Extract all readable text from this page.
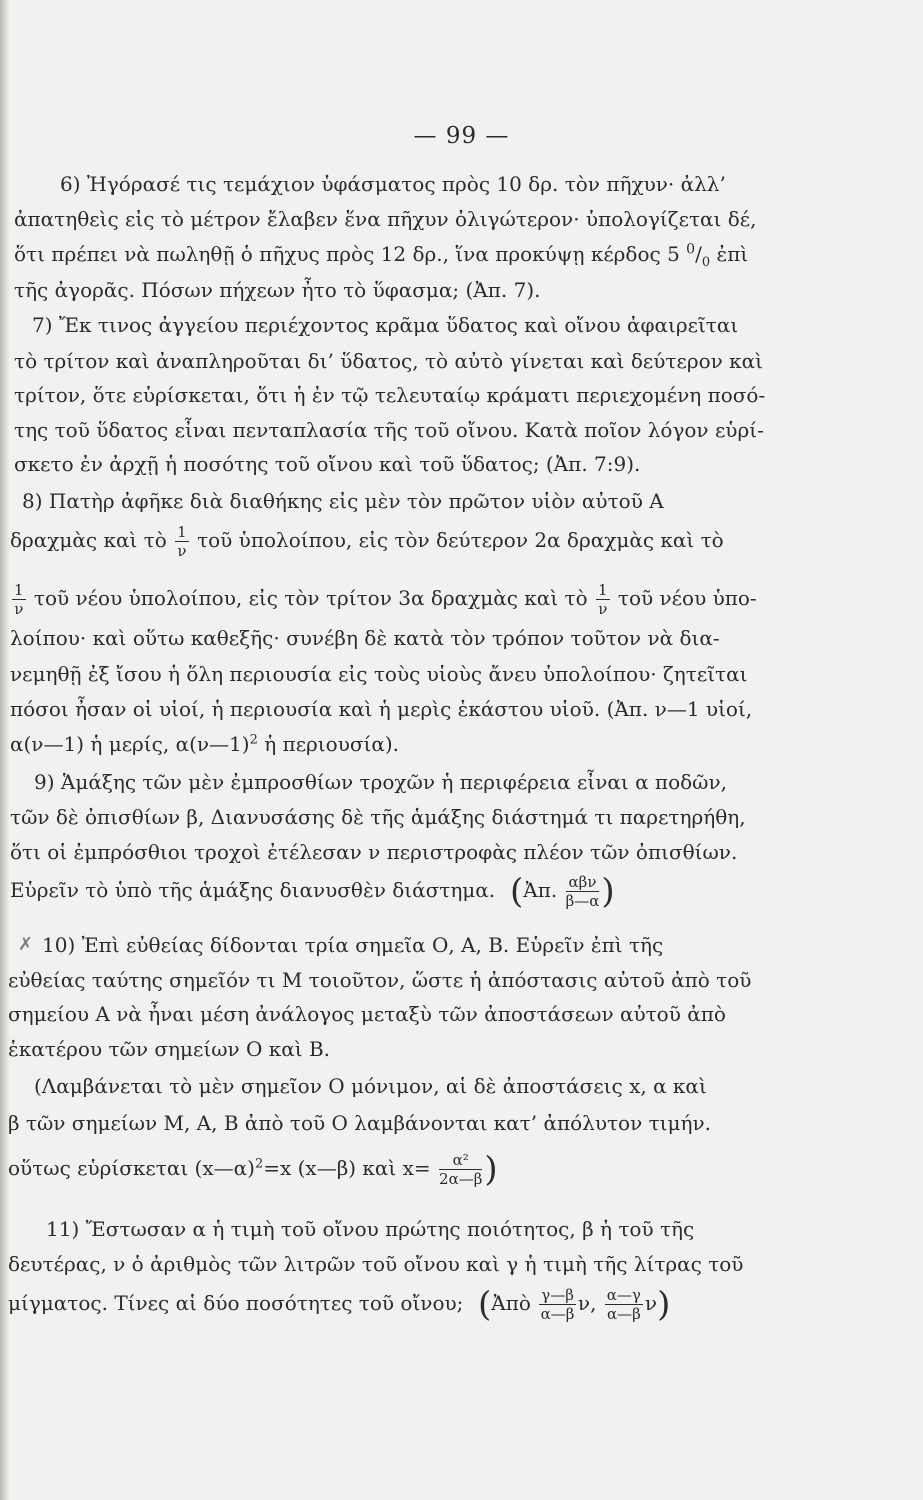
— 99 —
6) Ἠγόρασέ τις τεμάχιον ὑφάσματος πρὸς 10 δρ. τὸν πῆχυν· ἀλλ’
ἀπατηθεὶς εἰς τὸ μέτρον ἔλαβεν ἕνα πῆχυν ὀλιγώτερον· ὑπολογίζεται δέ,
ὅτι πρέπει νὰ πωληθῇ ὁ πῆχυς πρὸς 12 δρ., ἵνα προκύψῃ κέρδος 5 $^0/_0$ ἐπὶ
τῆς ἀγορᾶς. Πόσων πήχεων ἦτο τὸ ὕφασμα; (Ἀπ. 7).
7) Ἔκ τινος ἀγγείου περιέχοντος κρᾶμα ὕδατος καὶ οἴνου ἀφαιρεῖται
τὸ τρίτον καὶ ἀναπληροῦται δι’ ὕδατος, τὸ αὐτὸ γίνεται καὶ δεύτερον καὶ
τρίτον, ὅτε εὑρίσκεται, ὅτι ἡ ἐν τῷ τελευταίῳ κράματι περιεχομένη ποσό-
της τοῦ ὕδατος εἶναι πενταπλασία τῆς τοῦ οἴνου. Κατὰ ποῖον λόγον εὑρί-
σκετο ἐν ἀρχῇ ἡ ποσότης τοῦ οἴνου καὶ τοῦ ὕδατος; (Ἀπ. 7:9).
8) Πατὴρ ἀφῆκε διὰ διαθήκης εἰς μὲν τὸν πρῶτον υἱὸν αὐτοῦ Α
δραχμὰς καὶ τὸ $\frac{1}{\nu}$ τοῦ ὑπολοίπου, εἰς τὸν δεύτερον 2α δραχμὰς καὶ τὸ
$\frac{1}{\nu}$ τοῦ νέου ὑπολοίπου, εἰς τὸν τρίτον 3α δραχμὰς καὶ τὸ $\frac{1}{\nu}$ τοῦ νέου ὑπο-
λοίπου· καὶ οὕτω καθεξῆς· συνέβη δὲ κατὰ τὸν τρόπον τοῦτον νὰ δια-
νεμηθῇ ἐξ ἴσου ἡ ὅλη περιουσία εἰς τοὺς υἱοὺς ἄνευ ὑπολοίπου· ζητεῖται
πόσοι ἦσαν οἱ υἱοί, ἡ περιουσία καὶ ἡ μερὶς ἑκάστου υἱοῦ. (Ἀπ. ν—1 υἱοί,
α(ν—1) ἡ μερίς, α(ν—1)$^2$ ἡ περιουσία).
9) Ἁμάξης τῶν μὲν ἐμπροσθίων τροχῶν ἡ περιφέρεια εἶναι α ποδῶν,
τῶν δὲ ὀπισθίων β, Διανυσάσης δὲ τῆς ἁμάξης διάστημά τι παρετηρήθη,
ὅτι οἱ ἐμπρόσθιοι τροχοὶ ἐτέλεσαν ν περιστροφὰς πλέον τῶν ὀπισθίων.
Εὑρεῖν τὸ ὑπὸ τῆς ἁμάξης διανυσθὲν διάστημα. (Ἀπ. $\frac{\text{αβν}}{\beta—\alpha}$ )
✗ 10) Ἐπὶ εὐθείας δίδονται τρία σημεῖα Ο, Α, Β. Εὑρεῖν ἐπὶ τῆς
εὐθείας ταύτης σημεῖόν τι Μ τοιοῦτον, ὥστε ἡ ἀπόστασις αὐτοῦ ἀπὸ τοῦ
σημείου Α νὰ ἦναι μέση ἀνάλογος μεταξὺ τῶν ἀποστάσεων αὐτοῦ ἀπὸ
ἑκατέρου τῶν σημείων Ο καὶ Β.
(Λαμβάνεται τὸ μὲν σημεῖον Ο μόνιμον, αἱ δὲ ἀποστάσεις x, α καὶ
β τῶν σημείων Μ, Α, Β ἀπὸ τοῦ Ο λαμβάνονται κατ’ ἀπόλυτον τιμήν.
οὕτως εὑρίσκεται (x—α)$^2$=x (x—β) καὶ $x= \frac{\text{α²}}{2\alpha—\beta}$ )
11) Ἔστωσαν α ἡ τιμὴ τοῦ οἴνου πρώτης ποιότητος, β ἡ τοῦ τῆς
δευτέρας, ν ὁ ἀριθμὸς τῶν λιτρῶν τοῦ οἴνου καὶ γ ἡ τιμὴ τῆς λίτρας τοῦ
μίγματος. Τίνες αἱ δύο ποσότητες τοῦ οἴνου; (Ἀπὸ $\frac{\gamma—\beta}{\alpha—\beta} \nu$, $\frac{\alpha—\gamma}{\alpha—\beta} \nu$)
